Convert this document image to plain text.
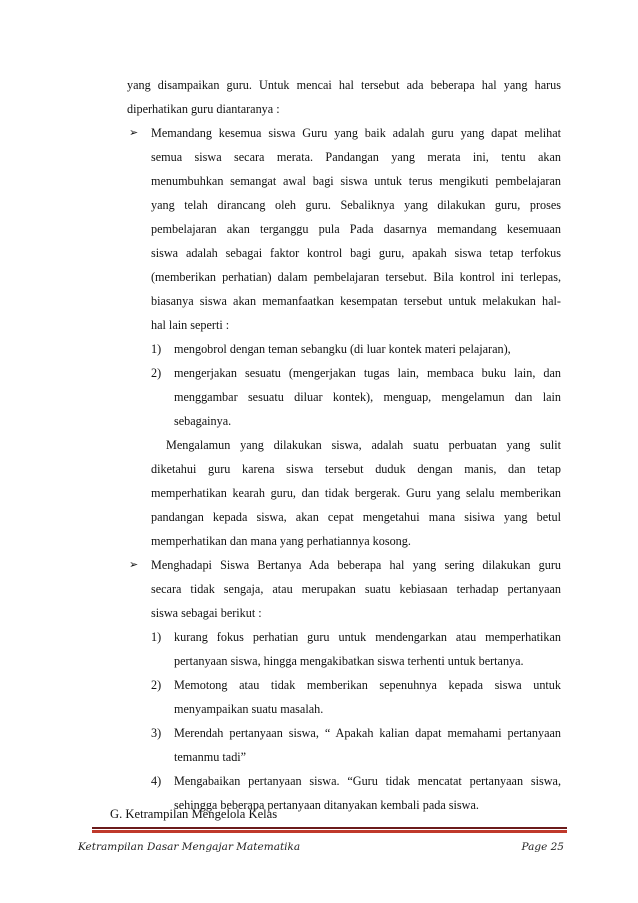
yang disampaikan guru. Untuk mencai hal tersebut ada beberapa hal yang harus
diperhatikan guru diantaranya :
➢ Memandang kesemua siswa Guru yang baik adalah guru yang dapat melihat
semua siswa secara merata. Pandangan yang merata ini, tentu akan
menumbuhkan semangat awal bagi siswa untuk terus mengikuti pembelajaran
yang telah dirancang oleh guru. Sebaliknya yang dilakukan guru, proses
pembelajaran akan terganggu pula Pada dasarnya memandang kesemuaan
siswa adalah sebagai faktor kontrol bagi guru, apakah siswa tetap terfokus
(memberikan perhatian) dalam pembelajaran tersebut. Bila kontrol ini terlepas,
biasanya siswa akan memanfaatkan kesempatan tersebut untuk melakukan hal-
hal lain seperti :
1) mengobrol dengan teman sebangku (di luar kontek materi pelajaran),
2) mengerjakan sesuatu (mengerjakan tugas lain, membaca buku lain, dan
menggambar sesuatu diluar kontek), menguap, mengelamun dan lain
sebagainya.
Mengalamun yang dilakukan siswa, adalah suatu perbuatan yang sulit
diketahui guru karena siswa tersebut duduk dengan manis, dan tetap
memperhatikan kearah guru, dan tidak bergerak. Guru yang selalu memberikan
pandangan kepada siswa, akan cepat mengetahui mana sisiwa yang betul
memperhatikan dan mana yang perhatiannya kosong.
➢ Menghadapi Siswa Bertanya Ada beberapa hal yang sering dilakukan guru
secara tidak sengaja, atau merupakan suatu kebiasaan terhadap pertanyaan
siswa sebagai berikut :
1) kurang fokus perhatian guru untuk mendengarkan atau memperhatikan
pertanyaan siswa, hingga mengakibatkan siswa terhenti untuk bertanya.
2) Memotong atau tidak memberikan sepenuhnya kepada siswa untuk
menyampaikan suatu masalah.
3) Merendah pertanyaan siswa, “ Apakah kalian dapat memahami pertanyaan
temanmu tadi”
4) Mengabaikan pertanyaan siswa. “Guru tidak mencatat pertanyaan siswa,
sehingga beberapa pertanyaan ditanyakan kembali pada siswa.
G. Ketrampilan Mengelola Kelas
Ketrampilan Dasar Mengajar Matematika	Page 25
